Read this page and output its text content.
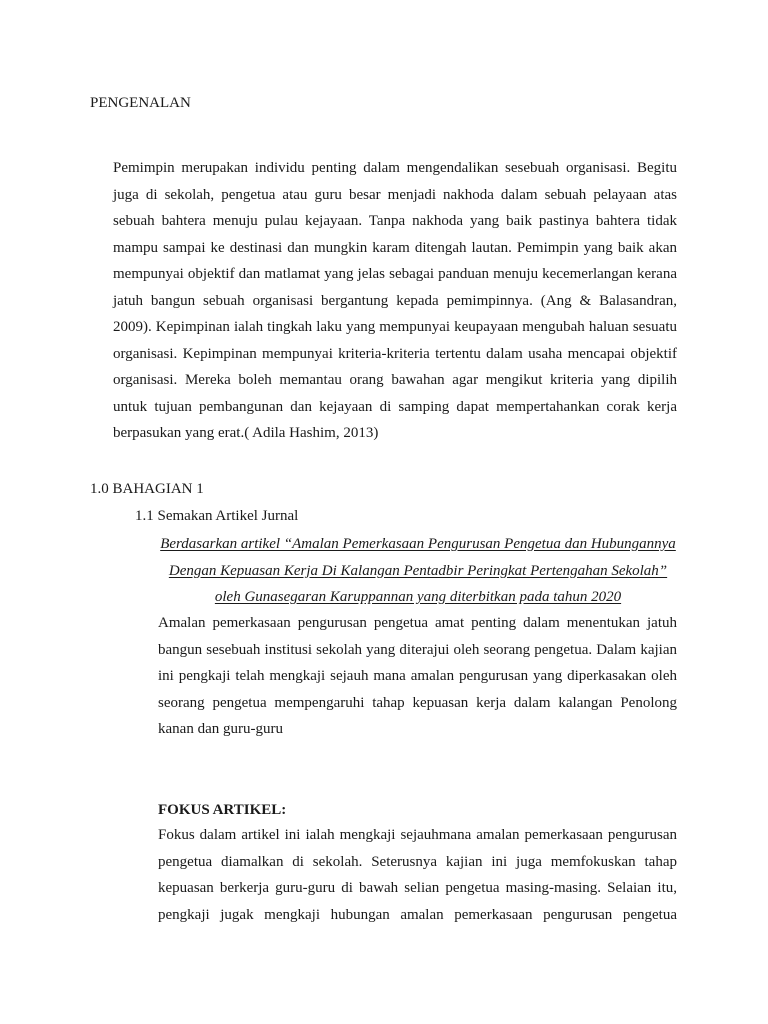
PENGENALAN
Pemimpin merupakan individu penting dalam mengendalikan sesebuah organisasi. Begitu
juga di sekolah, pengetua atau guru besar menjadi nakhoda dalam sebuah pelayaan atas
sebuah bahtera menuju pulau kejayaan. Tanpa nakhoda yang baik pastinya bahtera tidak
mampu sampai ke destinasi dan mungkin karam ditengah lautan. Pemimpin yang baik akan
mempunyai objektif dan matlamat yang jelas sebagai panduan menuju kecemerlangan kerana
jatuh bangun sebuah organisasi bergantung kepada pemimpinnya. (Ang & Balasandran,
2009). Kepimpinan ialah tingkah laku yang mempunyai keupayaan mengubah haluan sesuatu
organisasi. Kepimpinan mempunyai kriteria-kriteria tertentu dalam usaha mencapai objektif
organisasi. Mereka boleh memantau orang bawahan agar mengikut kriteria yang dipilih
untuk tujuan pembangunan dan kejayaan di samping dapat mempertahankan corak kerja
berpasukan yang erat.( Adila Hashim, 2013)
1.0 BAHAGIAN 1
1.1 Semakan Artikel Jurnal
Berdasarkan artikel “Amalan Pemerkasaan Pengurusan Pengetua dan Hubungannya
Dengan Kepuasan Kerja Di Kalangan Pentadbir Peringkat Pertengahan Sekolah”
oleh Gunasegaran Karuppannan yang diterbitkan pada tahun 2020
Amalan pemerkasaan pengurusan pengetua amat penting dalam menentukan jatuh
bangun sesebuah institusi sekolah yang diterajui oleh seorang pengetua. Dalam kajian
ini pengkaji telah mengkaji sejauh mana amalan pengurusan yang diperkasakan oleh
seorang pengetua mempengaruhi tahap kepuasan kerja dalam kalangan Penolong
kanan dan guru-guru
FOKUS ARTIKEL:
Fokus dalam artikel ini ialah mengkaji sejauhmana amalan pemerkasaan pengurusan
pengetua diamalkan di sekolah. Seterusnya kajian ini juga memfokuskan tahap
kepuasan berkerja guru-guru di bawah selian pengetua masing-masing. Selaian itu,
pengkaji jugak mengkaji hubungan amalan pemerkasaan pengurusan pengetua
